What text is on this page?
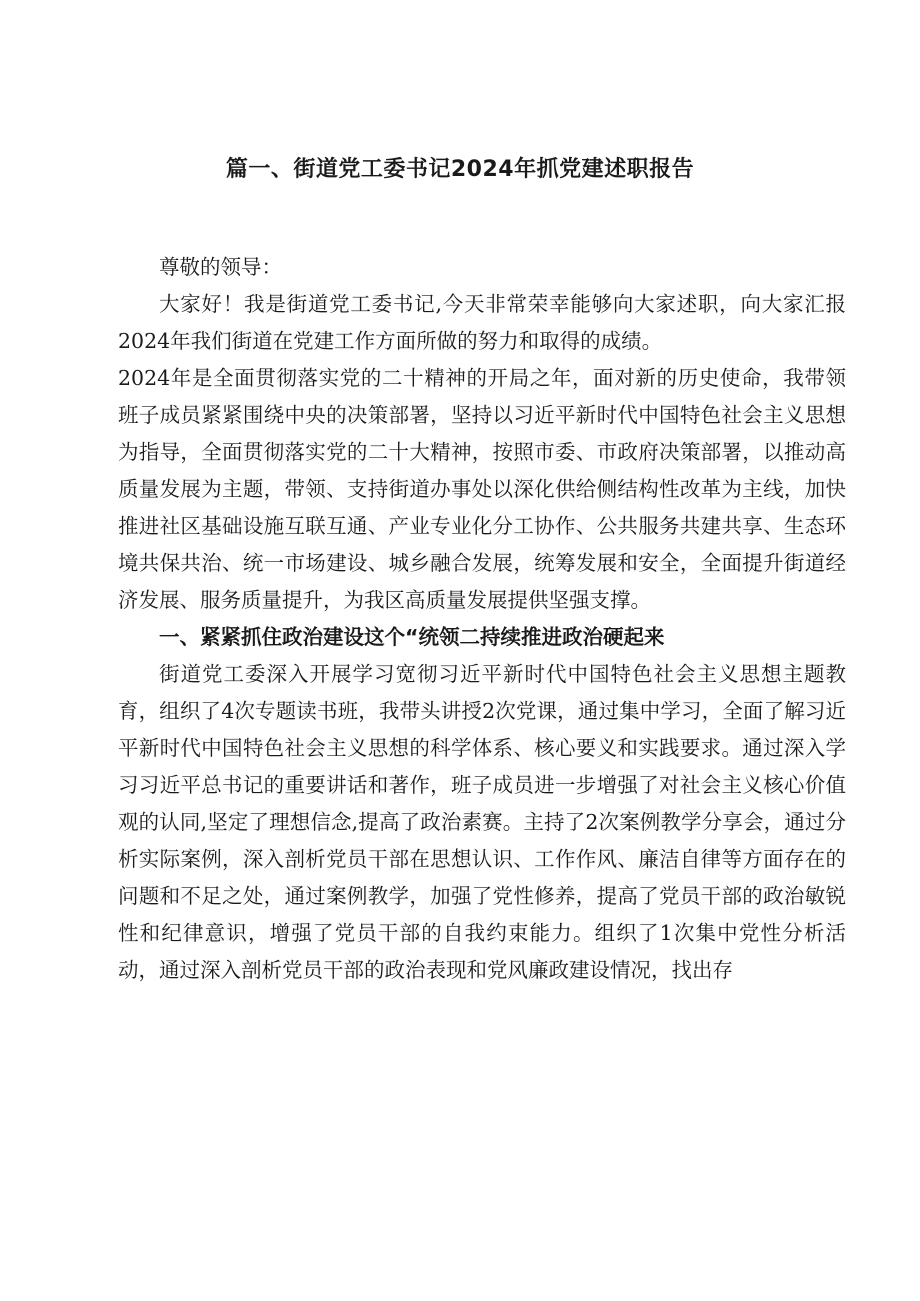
篇一、街道党工委书记2024年抓党建述职报告

尊敬的领导：

大家好！我是街道党工委书记,今天非常荣幸能够向大家述职，向大家汇报2024年我们街道在党建工作方面所做的努力和取得的成绩。

2024年是全面贯彻落实党的二十精神的开局之年，面对新的历史使命，我带领班子成员紧紧围绕中央的决策部署，坚持以习近平新时代中国特色社会主义思想为指导，全面贯彻落实党的二十大精神，按照市委、市政府决策部署，以推动高质量发展为主题，带领、支持街道办事处以深化供给侧结构性改革为主线，加快推进社区基础设施互联互通、产业专业化分工协作、公共服务共建共享、生态环境共保共治、统一市场建设、城乡融合发展，统筹发展和安全，全面提升街道经济发展、服务质量提升，为我区高质量发展提供坚强支撑。

一、紧紧抓住政治建设这个“统领二持续推进政治硬起来

街道党工委深入开展学习宽彻习近平新时代中国特色社会主义思想主题教育，组织了4次专题读书班，我带头讲授2次党课，通过集中学习，全面了解习近平新时代中国特色社会主义思想的科学体系、核心要义和实践要求。通过深入学习习近平总书记的重要讲话和著作，班子成员进一步增强了对社会主义核心价值观的认同,坚定了理想信念,提高了政治素赛。主持了2次案例教学分享会，通过分析实际案例，深入剖析党员干部在思想认识、工作作风、廉洁自律等方面存在的问题和不足之处，通过案例教学，加强了党性修养，提高了党员干部的政治敏锐性和纪律意识，增强了党员干部的自我约束能力。组织了1次集中党性分析活动，通过深入剖析党员干部的政治表现和党风廉政建设情况，找出存
